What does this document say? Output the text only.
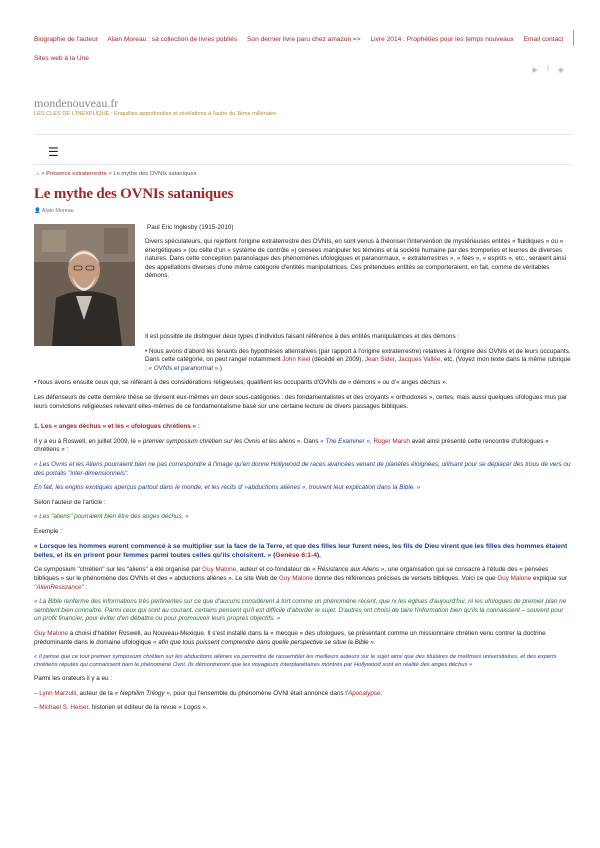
Biographie de l'auteur Alain Moreau : sa collection de livres publiés Son dernier livre paru chez amazon => Livre 2014 : Prophéties pour les temps nouveaux Email contact
Sites web à la Une
▶ f ◉
mondenouveau.fr
LES CLES DE L'INEXPLIQUE : Enquêtes approfondies et révélations à l'aube du 3ème millénaire
☰
⌂ > Présence extraterrestre > Le mythe des OVNIs sataniques
Le mythe des OVNIs sataniques
👤 Alain Moreau
Paul Eric Inglesby (1915-2010)

Divers spéculateurs, qui rejettent l'origine extraterrestre des OVNIs, en sont venus à théoriser l'intervention de mystérieuses entités « fluidiques » ou « énergétiques » (ou celle d'un « système de contrôle ») censées manipuler les témoins et la société humaine par des tromperies et leurres de diverses natures. Dans cette conception paranoïaque des phénomènes ufologiques et paranormaux, « extraterrestres », « fées », « esprits », etc., seraient ainsi des appellations diverses d'une même catégorie d'entités manipulatrices. Ces prétendues entités se comporteraient, en fait, comme de véritables démons.

Il est possible de distinguer deux types d'individus faisant référence à des entités manipulatrices et des démons :

• Nous avons d'abord les tenants des hypothèses alternatives (par rapport à l'origine extraterrestre) relatives à l'origine des OVNIs et de leurs occupants. Dans cette catégorie, on peut ranger notamment John Keel (décédé en 2009), Jean Sider, Jacques Vallée, etc. (Voyez mon texte dans la même rubrique : « OVNIs et paranormal ».)

• Nous avons ensuite ceux qui, se référant à des considérations religieuses, qualifient les occupants d'OVNIs de « démons » ou d'« anges déchus ».

Les défenseurs de cette dernière thèse se divisent eux-mêmes en deux sous-catégories : des fondamentalistes et des croyants « orthodoxes », certes, mais aussi quelques ufologues mus par leurs convictions religieuses relevant elles-mêmes de ce fondamentalisme basé sur une certaine lecture de divers passages bibliques.

1. Les « anges déchus » et les « ufologues chrétiens » :

Il y a eu à Roswell, en juillet 2009, le « premier symposium chrétien sur les Ovnis et les aliens ». Dans « The Examiner », Roger Marsh avait ainsi présenté cette rencontre d'ufologues « chrétiens » :

« Les Ovnis et les Aliens pourraient bien ne pas correspondre à l'image qu'en donne Hollywood de races avancées venant de planètes éloignées, utilisant pour se déplacer des trous de vers ou des portails ''inter-dimensionnels''.

En fait, les engins exotiques aperçus partout dans le monde, et les récits d' »abductions aliènes », trouvent leur explication dans la Bible. »

Selon l'auteur de l'article :

« Les ''aliens'' pourraient bien être des anges déchus. »

Exemple :

« Lorsque les hommes eurent commencé à se multiplier sur la face de la Terre, et que des filles leur furent nées, les fils de Dieu virent que les filles des hommes étaient belles, et ils en prirent pour femmes parmi toutes celles qu'ils choisirent. » (Genèse 6:1-4).

Ce symposium ''chrétien'' sur les ''aliens'' a été organisé par Guy Malone, auteur et co-fondateur de « Résistance aux Aliens », une organisation qui se consacre à l'étude des « pensées bibliques » sur le phénomène des OVNIs et des « abductions aliènes ». Le site Web de Guy Malone donne des références précises de versets bibliques. Voici ce que Guy Malone explique sur ''AlienResistance'' :

« La Bible renferme des informations très pertinentes sur ce que d'aucuns considèrent à tort comme un phénomène récent, que ni les églises d'aujourd'hui, ni les ufologues de premier plan ne semblent bien connaître. Parmi ceux qui sont au courant, certains pensent qu'il est difficile d'aborder le sujet. D'autres ont choisi de taire l'information bien qu'ils la connaissent – souvent pour un profit financier, pour éviter d'en débattre ou pour promouvoir leurs propres objectifs. »

Guy Malone a choisi d'habiter Roswell, au Nouveau-Mexique. Il s'est installé dans la « mecque » des ufologues, se présentant comme un missionnaire chrétien venu contrer la doctrine prédominante dans le domaine ufologique « afin que tous puissent comprendre dans quelle perspective se situe la Bible ».

« Il pense que ce tout premier symposium chrétien sur les abductions aliènes va permettre de rassembler les meilleurs auteurs sur le sujet ainsi que des titulaires de maîtrises universitaires, et des experts chrétiens réputés qui connaissent bien le phénomène Ovni. Ils démontreront que les voyageurs interplanétaires montrés par Hollywood sont en réalité des anges déchus »

Parmi les orateurs il y a eu :

– Lynn Marzulli, auteur de la « Nephilim Trilogy », pour qui l'ensemble du phénomène OVNI était annoncé dans l'Apocalypse.

– Michael S. Heiser, historien et éditeur de la revue « Logos ».
